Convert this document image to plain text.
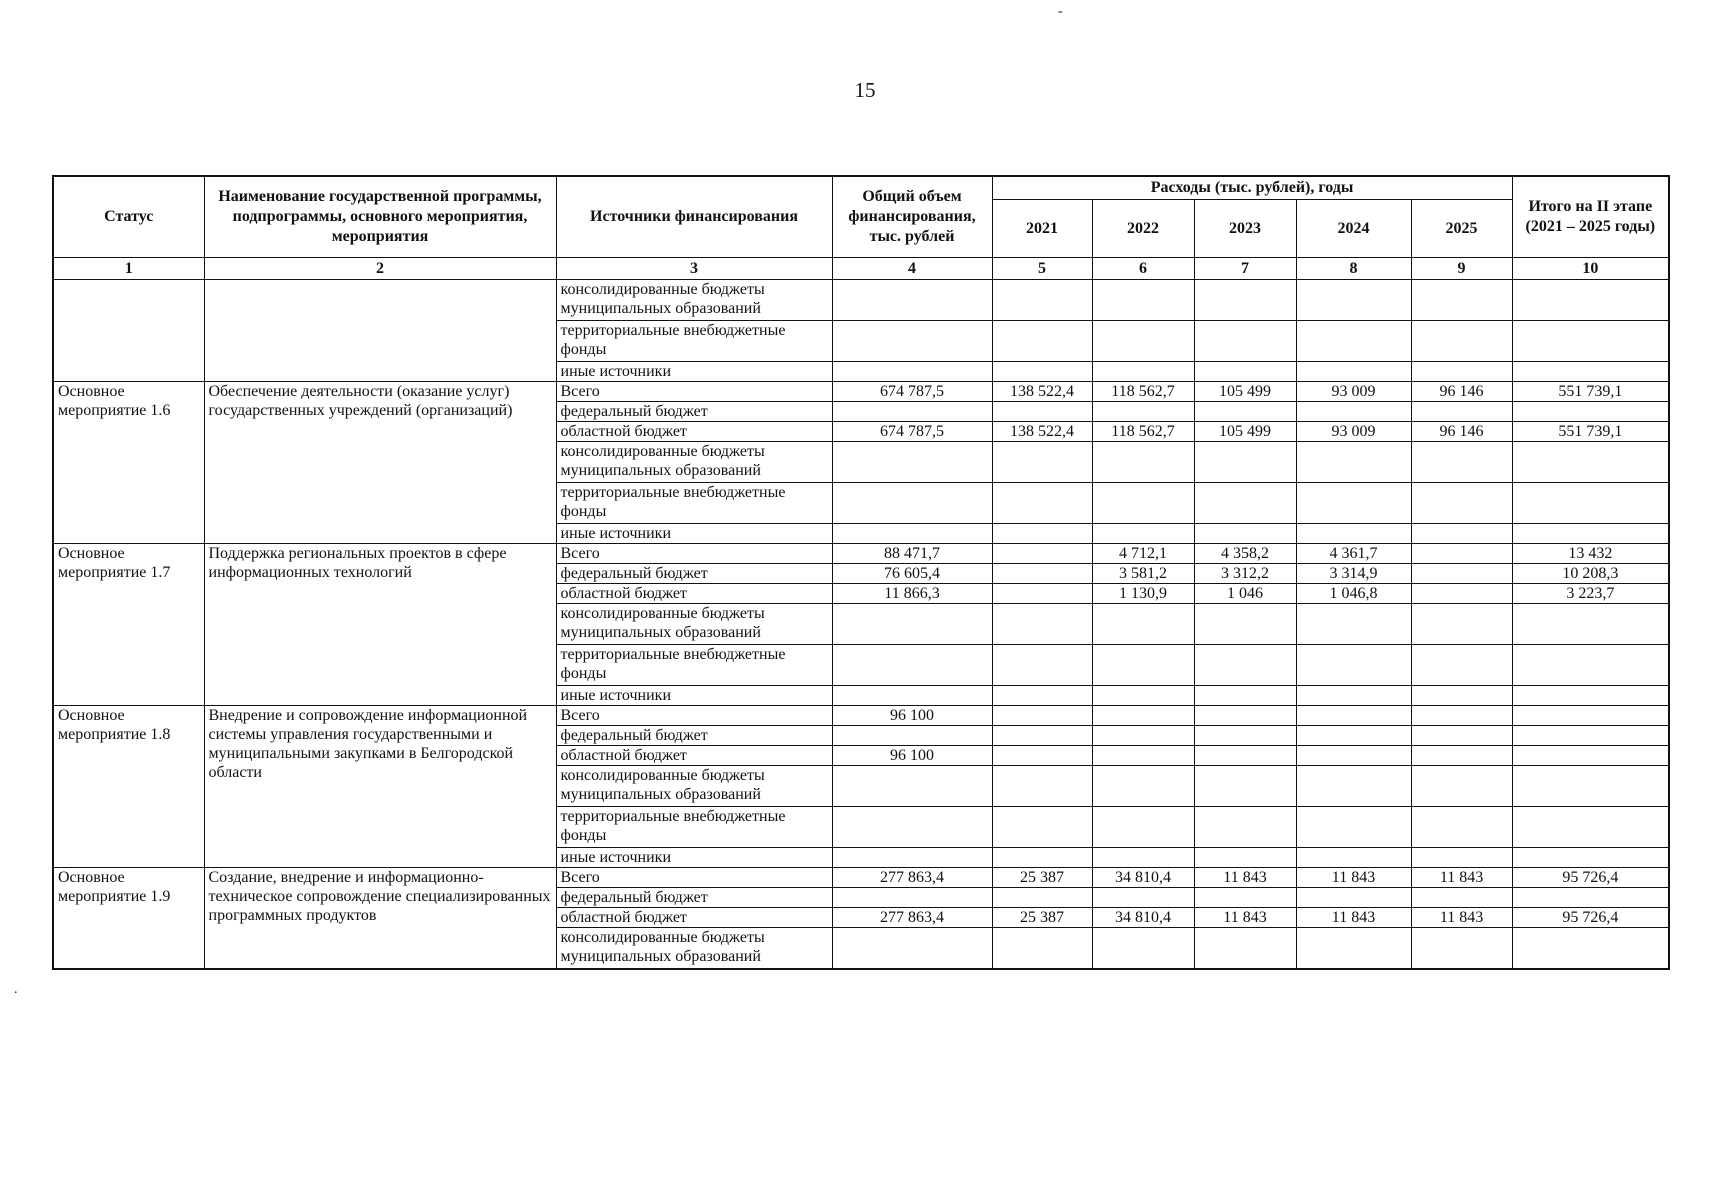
-
15
.
Статус	Наименование государственной программы, подпрограммы, основного мероприятия, мероприятия	Источники финансирования	Общий объем финансирования, тыс. рублей	Расходы (тыс. рублей), годы					Итого на II этапе (2021 – 2025 годы)
				2021	2022	2023	2024	2025	
1	2	3	4	5	6	7	8	9	10
		консолидированные бюджеты муниципальных образований							
		территориальные внебюджетные фонды							
		иные источники							
Основное мероприятие 1.6	Обеспечение деятельности (оказание услуг) государственных учреждений (организаций)	Всего	674 787,5	138 522,4	118 562,7	105 499	93 009	96 146	551 739,1
		федеральный бюджет							
		областной бюджет	674 787,5	138 522,4	118 562,7	105 499	93 009	96 146	551 739,1
		консолидированные бюджеты муниципальных образований							
		территориальные внебюджетные фонды							
		иные источники							
Основное мероприятие 1.7	Поддержка региональных проектов в сфере информационных технологий	Всего	88 471,7		4 712,1	4 358,2	4 361,7		13 432
		федеральный бюджет	76 605,4		3 581,2	3 312,2	3 314,9		10 208,3
		областной бюджет	11 866,3		1 130,9	1 046	1 046,8		3 223,7
		консолидированные бюджеты муниципальных образований							
		территориальные внебюджетные фонды							
		иные источники							
Основное мероприятие 1.8	Внедрение и сопровождение информационной системы управления государственными и муниципальными закупками в Белгородской области	Всего	96 100						
		федеральный бюджет							
		областной бюджет	96 100						
		консолидированные бюджеты муниципальных образований							
		территориальные внебюджетные фонды							
		иные источники							
Основное мероприятие 1.9	Создание, внедрение и информационно-техническое сопровождение специализированных программных продуктов	Всего	277 863,4	25 387	34 810,4	11 843	11 843	11 843	95 726,4
		федеральный бюджет							
		областной бюджет	277 863,4	25 387	34 810,4	11 843	11 843	11 843	95 726,4
		консолидированные бюджеты муниципальных образований							
